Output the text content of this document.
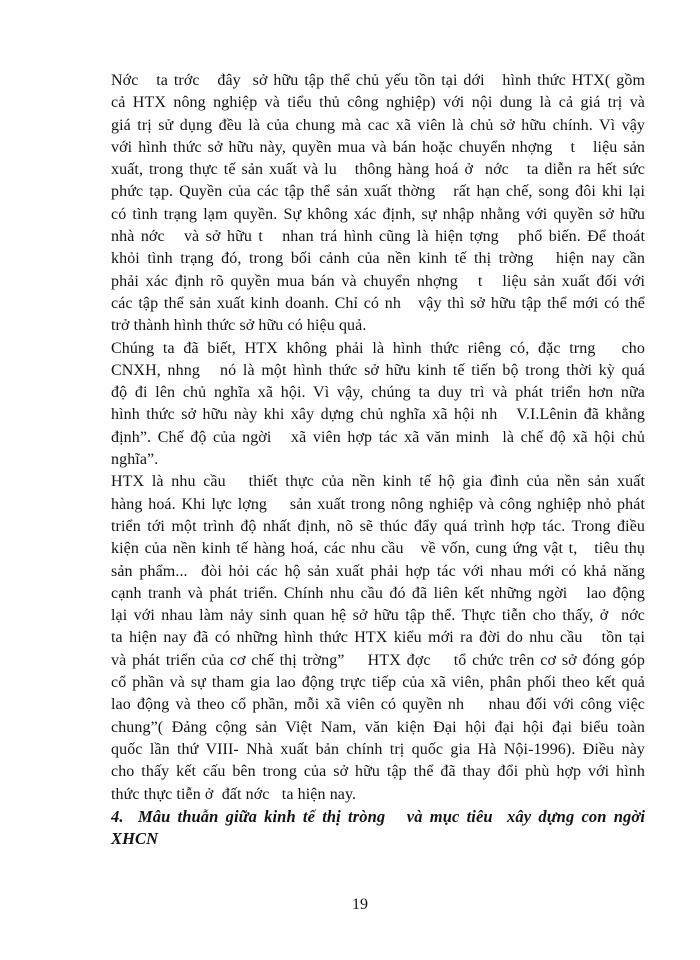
Nớc   ta trớc   đây  sở hữu tập thể chủ yếu tồn tại dới   hình thức HTX( gồm
cả HTX nông nghiệp và tiểu thủ công nghiệp) với nội dung là cả giá trị và
giá trị sử dụng đều là của chung mà cac xã viên là chủ sở hữu chính. Vì vậy
với hình thức sở hữu này, quyền mua và bán hoặc chuyển nhợng   t   liệu sản
xuất, trong thực tế sản xuất và lu   thông hàng hoá ở  nớc   ta diễn ra hết sức
phức tạp. Quyền của các tập thể sản xuất thờng   rất hạn chế, song đôi khi lại
có tình trạng lạm quyền. Sự không xác định, sự nhập nhằng với quyền sở hữu
nhà nớc   và sở hữu t   nhan trá hình cũng là hiện tợng   phổ biến. Để thoát
khỏi tình trạng đó, trong bối cảnh của nền kinh tế thị trờng   hiện nay cần
phải xác định rõ quyền mua bán và chuyển nhợng   t   liệu sản xuất đối với
các tập thể sản xuất kinh doanh. Chỉ có nh   vậy thì sở hữu tập thể mới có thể
trở thành hình thức sở hữu có hiệu quả.
Chúng ta đã biết, HTX không phải là hình thức riêng có, đặc trng   cho
CNXH, nhng   nó là một hình thức sở hữu kinh tế tiến bộ trong thời kỳ quá
độ đi lên chủ nghĩa xã hội. Vì vậy, chúng ta duy trì và phát triển hơn nữa
hình thức sở hữu này khi xây dựng chủ nghĩa xã hội nh   V.I.Lênin đã khẳng
định”. Chế độ của ngời   xã viên hợp tác xã văn minh  là chế độ xã hội chủ
nghĩa”.
HTX là nhu cầu   thiết thực của nền kinh tế hộ gia đình của nền sản xuất
hàng hoá. Khi lực lợng    sản xuất trong nông nghiệp và công nghiệp nhỏ phát
triển tới một trình độ nhất định, nõ sẽ thúc đẩy quá trình hợp tác. Trong điều
kiện của nền kinh tế hàng hoá, các nhu cầu   về vốn, cung ứng vật t,   tiêu thụ
sản phẩm...  đòi hỏi các hộ sản xuất phải hợp tác với nhau mới có khả năng
cạnh tranh và phát triển. Chính nhu cầu đó đã liên kết những ngời   lao động
lại với nhau làm nảy sinh quan hệ sở hữu tập thể. Thực tiễn cho thấy, ở  nớc
ta hiện nay đã có những hình thức HTX kiểu mới ra đời do nhu cầu   tồn tại
và phát triển của cơ chế thị trờng”    HTX đợc    tổ chức trên cơ sở đóng góp
cổ phần và sự tham gia lao động trực tiếp của xã viên, phân phối theo kết quả
lao động và theo cổ phần, mỗi xã viên có quyền nh    nhau đối với công việc
chung”( Đảng cộng sản Việt Nam, văn kiện Đại hội đại hội đại biểu toàn
quốc lần thứ VIII- Nhà xuất bản chính trị quốc gia Hà Nội-1996). Điều này
cho thấy kết cấu bên trong của sở hữu tập thể đã thay đổi phù hợp với hình
thức thực tiễn ở  đất nớc   ta hiện nay.
4.  Mâu thuẫn giữa kinh tế thị tròng   và mục tiêu  xây dựng con ngời
XHCN
19
